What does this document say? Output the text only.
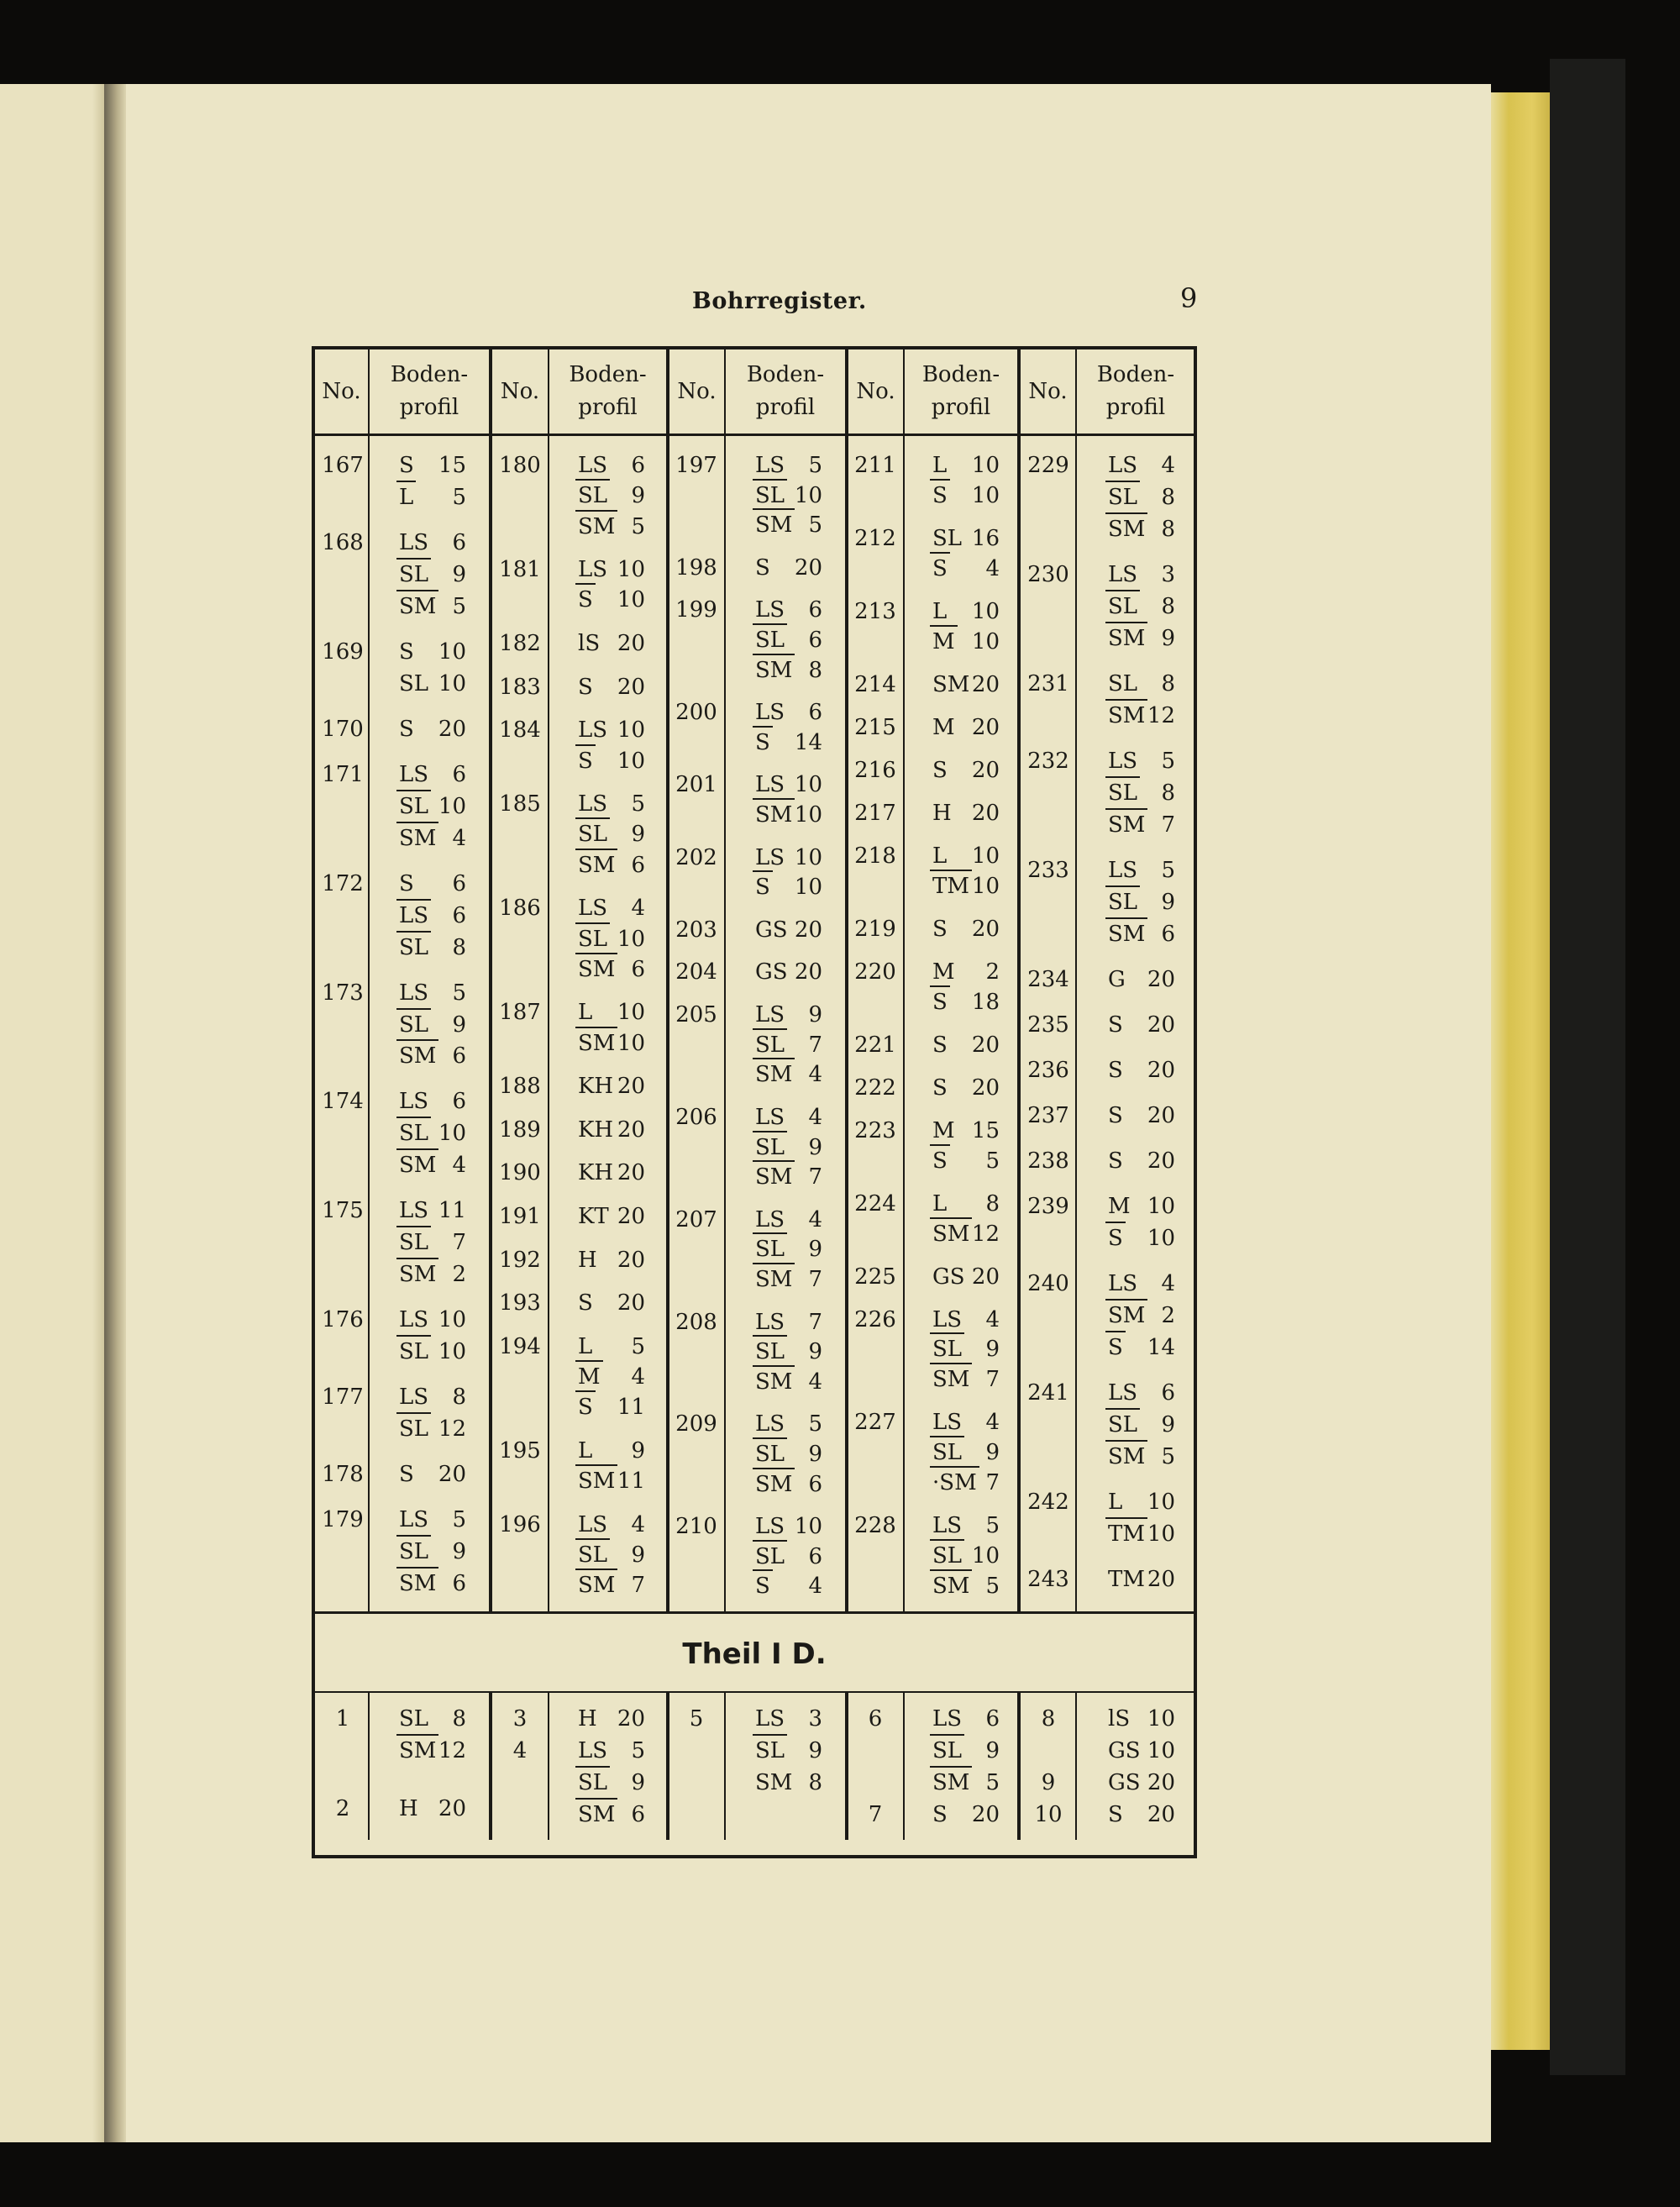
Bohrregister.	9
No.
Boden-
profil
No.
Boden-
profil
No.
Boden-
profil
No.
Boden-
profil
No.
Boden-
profil
Theil I D.
167 S 15
L 5
168 LS 6
SL 9
SM 5
169 S 10
SL 10
170 S 20
171 LS 6
SL 10
SM 4
172 S 6
LS 6
SL 8
173 LS 5
SL 9
SM 6
174 LS 6
SL 10
SM 4
175 LS 11
SL 7
SM 2
176 LS 10
SL 10
177 LS 8
SL 12
178 S 20
179 LS 5
SL 9
SM 6
180 LS 6
SL 9
SM 5
181 LS 10
S 10
182 lS 20
183 S 20
184 LS 10
S 10
185 LS 5
SL 9
SM 6
186 LS 4
SL 10
SM 6
187 L 10
SM 10
188 KH 20
189 KH 20
190 KH 20
191 KT 20
192 H 20
193 S 20
194 L 5
M 4
S 11
195 L 9
SM 11
196 LS 4
SL 9
SM 7
197 LS 5
SL 10
SM 5
198 S 20
199 LS 6
SL 6
SM 8
200 LS 6
S 14
201 LS 10
SM 10
202 LS 10
S 10
203 GS 20
204 GS 20
205 LS 9
SL 7
SM 4
206 LS 4
SL 9
SM 7
207 LS 4
SL 9
SM 7
208 LS 7
SL 9
SM 4
209 LS 5
SL 9
SM 6
210 LS 10
SL 6
S 4
211 L 10
S 10
212 SL 16
S 4
213 L 10
M 10
214 SM 20
215 M 20
216 S 20
217 H 20
218 L 10
TM 10
219 S 20
220 M 2
S 18
221 S 20
222 S 20
223 M 15
S 5
224 L 8
SM 12
225 GS 20
226 LS 4
SL 9
SM 7
227 LS 4
SL 9
·SM 7
228 LS 5
SL 10
SM 5
229 LS 4
SL 8
SM 8
230 LS 3
SL 8
SM 9
231 SL 8
SM 12
232 LS 5
SL 8
SM 7
233 LS 5
SL 9
SM 6
234 G 20
235 S 20
236 S 20
237 S 20
238 S 20
239 M 10
S 10
240 LS 4
SM 2
S 14
241 LS 6
SL 9
SM 5
242 L 10
TM 10
243 TM 20
1	SL 8
SM 12
2	H 20
3	H 20
4	LS 5
SL 9
SM 6
5	LS 3
SL 9
SM 8
6	LS 6
SL 9
SM 5
7	S 20
8	lS 10
GS 10
9	GS 20
10	S 20
